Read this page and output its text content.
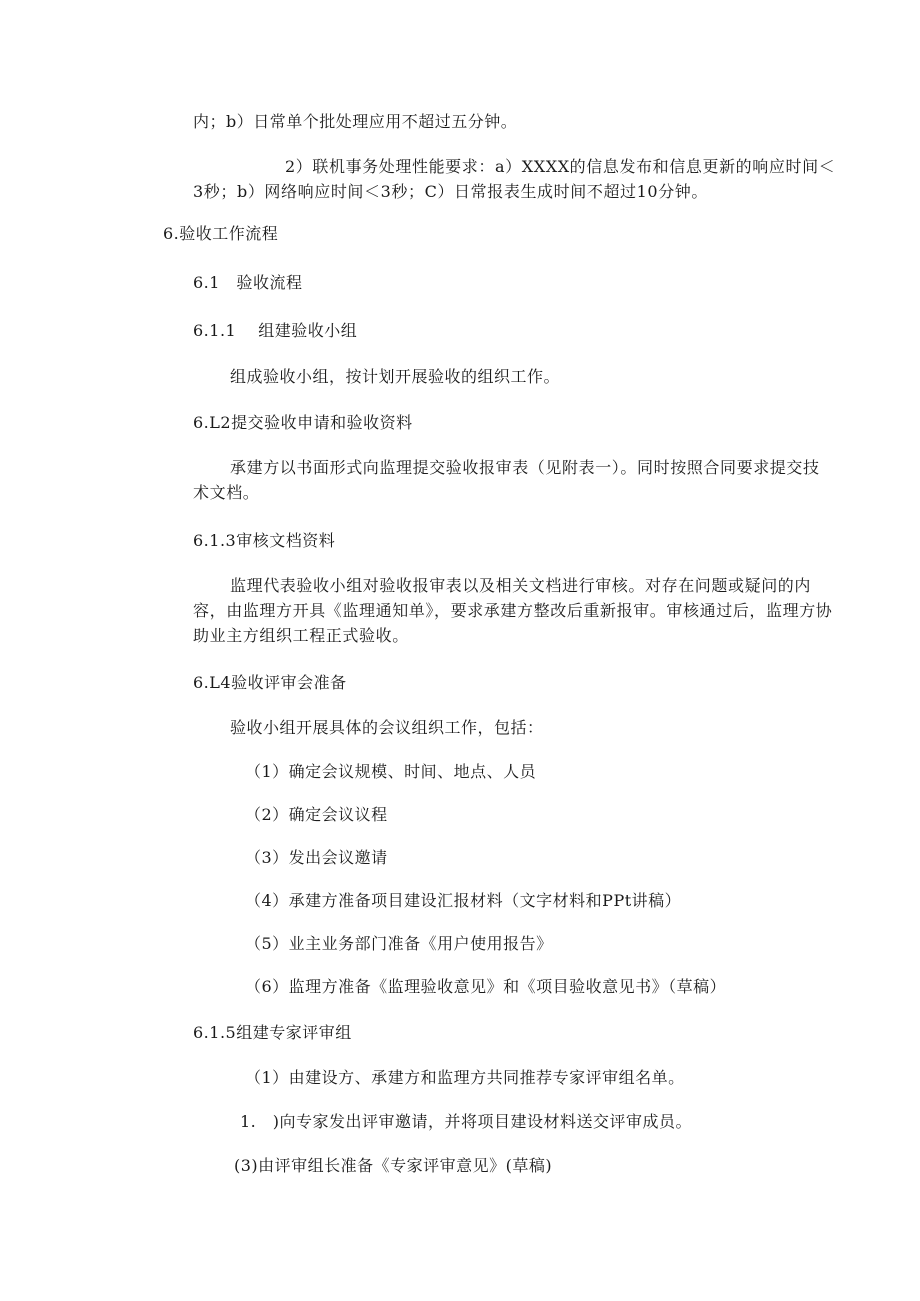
内；b）日常单个批处理应用不超过五分钟。
2）联机事务处理性能要求：a）XXXX的信息发布和信息更新的响应时间＜3秒；b）网络响应时间＜3秒；C）日常报表生成时间不超过10分钟。
6.验收工作流程
6.1　验收流程
6.1.1　 组建验收小组
组成验收小组，按计划开展验收的组织工作。
6.L2提交验收申请和验收资料
承建方以书面形式向监理提交验收报审表（见附表一）。同时按照合同要求提交技术文档。
6.1.3审核文档资料
监理代表验收小组对验收报审表以及相关文档进行审核。对存在问题或疑问的内容，由监理方开具《监理通知单》，要求承建方整改后重新报审。审核通过后，监理方协助业主方组织工程正式验收。
6.L4验收评审会准备
验收小组开展具体的会议组织工作，包括：
（1）确定会议规模、时间、地点、人员
（2）确定会议议程
（3）发出会议邀请
（4）承建方准备项目建设汇报材料（文字材料和PPt讲稿）
（5）业主业务部门准备《用户使用报告》
（6）监理方准备《监理验收意见》和《项目验收意见书》（草稿）
6.1.5组建专家评审组
（1）由建设方、承建方和监理方共同推荐专家评审组名单。
1.　)向专家发出评审邀请，并将项目建设材料送交评审成员。
(3)由评审组长准备《专家评审意见》(草稿)
